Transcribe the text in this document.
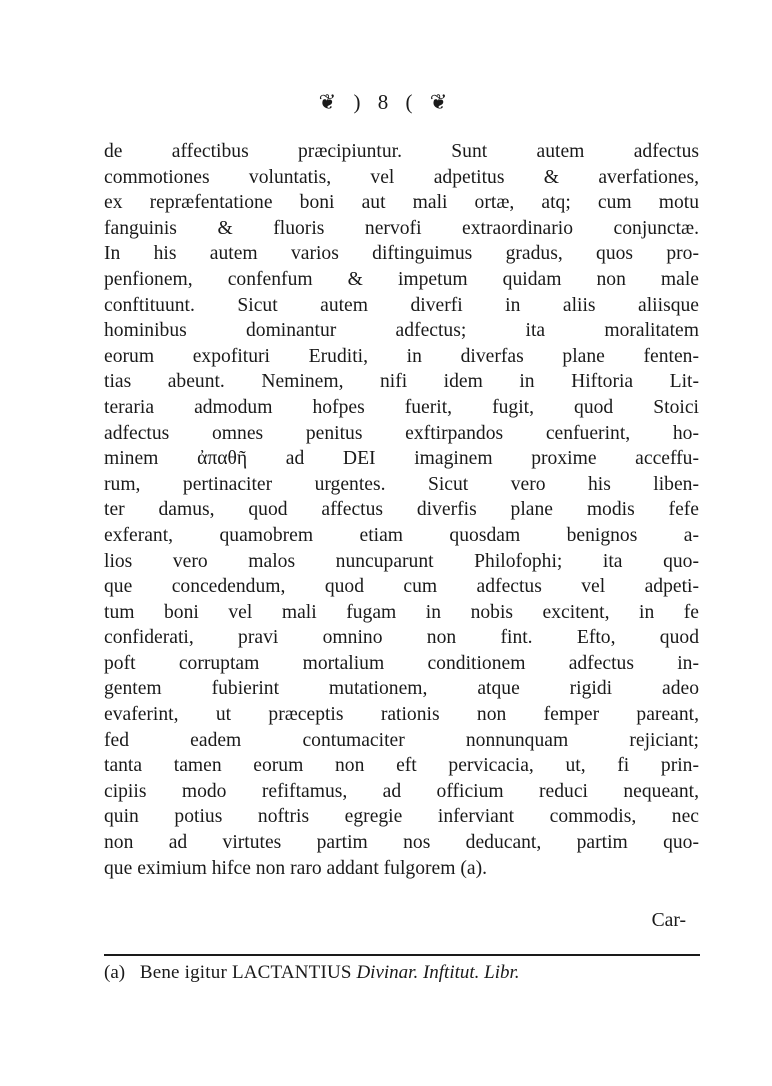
❦ ) 8 ( ❦
de affectibus præcipiuntur. Sunt autem adfectus
commotiones voluntatis, vel adpetitus & averfationes,
ex repræfentatione boni aut mali ortæ, atq; cum motu
fanguinis & fluoris nervofi extraordinario conjunctæ.
In his autem varios diftinguimus gradus, quos pro-
penfionem, confenfum & impetum quidam non male
conftituunt. Sicut autem diverfi in aliis aliisque
hominibus dominantur adfectus; ita moralitatem
eorum expofituri Eruditi, in diverfas plane fenten-
tias abeunt. Neminem, nifi idem in Hiftoria Lit-
teraria admodum hofpes fuerit, fugit, quod Stoici
adfectus omnes penitus exftirpandos cenfuerint, ho-
minem ἀπαθῆ ad DEI imaginem proxime acceffu-
rum, pertinaciter urgentes. Sicut vero his liben-
ter damus, quod affectus diverfis plane modis fefe
exferant, quamobrem etiam quosdam benignos a-
lios vero malos nuncuparunt Philofophi; ita quo-
que concedendum, quod cum adfectus vel adpeti-
tum boni vel mali fugam in nobis excitent, in fe
confiderati, pravi omnino non fint. Efto, quod
poft corruptam mortalium conditionem adfectus in-
gentem fubierint mutationem, atque rigidi adeo
evaferint, ut præceptis rationis non femper pareant,
fed eadem contumaciter nonnunquam rejiciant;
tanta tamen eorum non eft pervicacia, ut, fi prin-
cipiis modo refiftamus, ad officium reduci nequeant,
quin potius noftris egregie inferviant commodis, nec
non ad virtutes partim nos deducant, partim quo-
que eximium hifce non raro addant fulgorem (a).
Car-
(a) Bene igitur LACTANTIUS Divinar. Inftitut. Libr.
